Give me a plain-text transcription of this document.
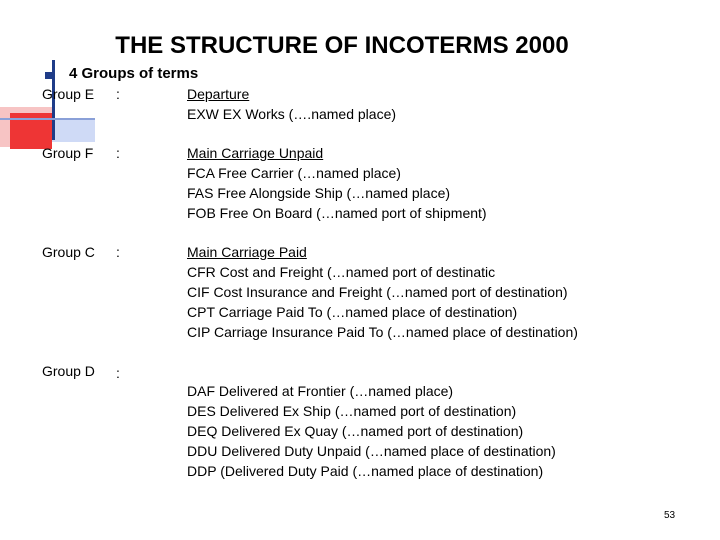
THE STRUCTURE OF INCOTERMS 2000
4 Groups of terms
Group E :	Departure
EXW EX Works (….named place)
Group F :	Main Carriage Unpaid
FCA Free Carrier (…named place)
FAS Free Alongside Ship (…named place)
FOB Free On Board (…named port of shipment)
Group C :	Main Carriage Paid
CFR Cost and Freight (…named port of destinatic
CIF Cost Insurance and Freight (…named port of destination)
CPT Carriage Paid To (…named place of destination)
CIP Carriage Insurance Paid To (…named place of destination)
Group D :
DAF Delivered at Frontier (…named place)
DES Delivered Ex Ship (…named port of destination)
DEQ Delivered Ex Quay (…named port of destination)
DDU Delivered Duty Unpaid (…named place of destination)
DDP (Delivered Duty Paid (…named place of destination)
53
